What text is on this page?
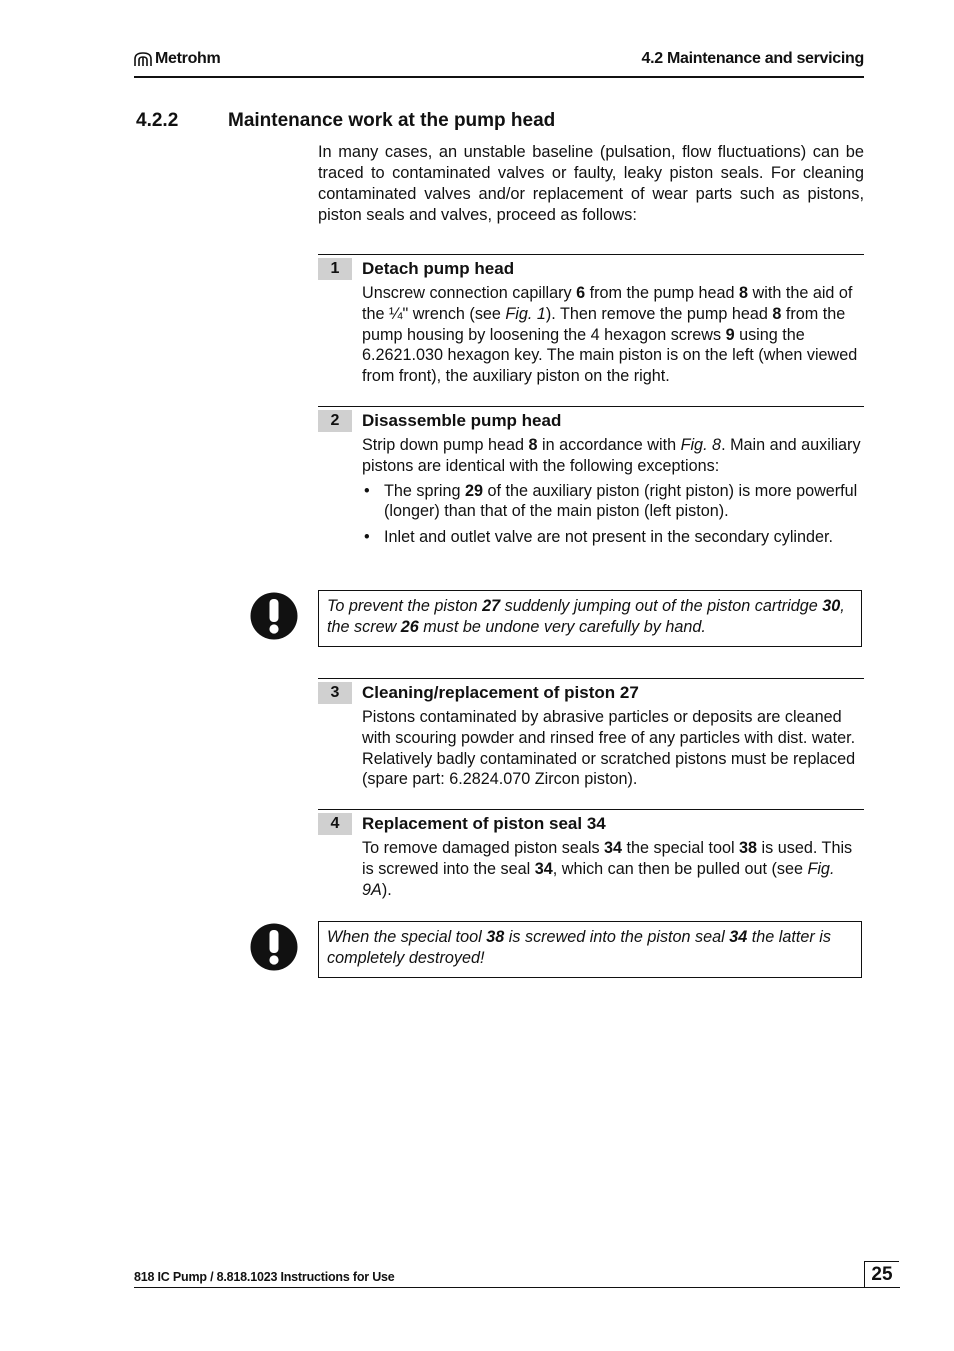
Metrohm	4.2 Maintenance and servicing
4.2.2	Maintenance work at the pump head
In many cases, an unstable baseline (pulsation, flow fluctuations) can be traced to contaminated valves or faulty, leaky piston seals. For cleaning contaminated valves and/or replacement of wear parts such as pistons, piston seals and valves, proceed as follows:
1	Detach pump head
Unscrew connection capillary 6 from the pump head 8 with the aid of the ¼" wrench (see Fig. 1). Then remove the pump head 8 from the pump housing by loosening the 4 hexagon screws 9 using the 6.2621.030 hexagon key. The main piston is on the left (when viewed from front), the auxiliary piston on the right.
2	Disassemble pump head
Strip down pump head 8 in accordance with Fig. 8. Main and auxiliary pistons are identical with the following exceptions:
• The spring 29 of the auxiliary piston (right piston) is more powerful (longer) than that of the main piston (left piston).
• Inlet and outlet valve are not present in the secondary cylinder.
To prevent the piston 27 suddenly jumping out of the piston cartridge 30, the screw 26 must be undone very carefully by hand.
3	Cleaning/replacement of piston 27
Pistons contaminated by abrasive particles or deposits are cleaned with scouring powder and rinsed free of any particles with dist. water. Relatively badly contaminated or scratched pistons must be replaced (spare part: 6.2824.070 Zircon piston).
4	Replacement of piston seal 34
To remove damaged piston seals 34 the special tool 38 is used. This is screwed into the seal 34, which can then be pulled out (see Fig. 9A).
When the special tool 38 is screwed into the piston seal 34 the latter is completely destroyed!
818 IC Pump / 8.818.1023 Instructions for Use	25
